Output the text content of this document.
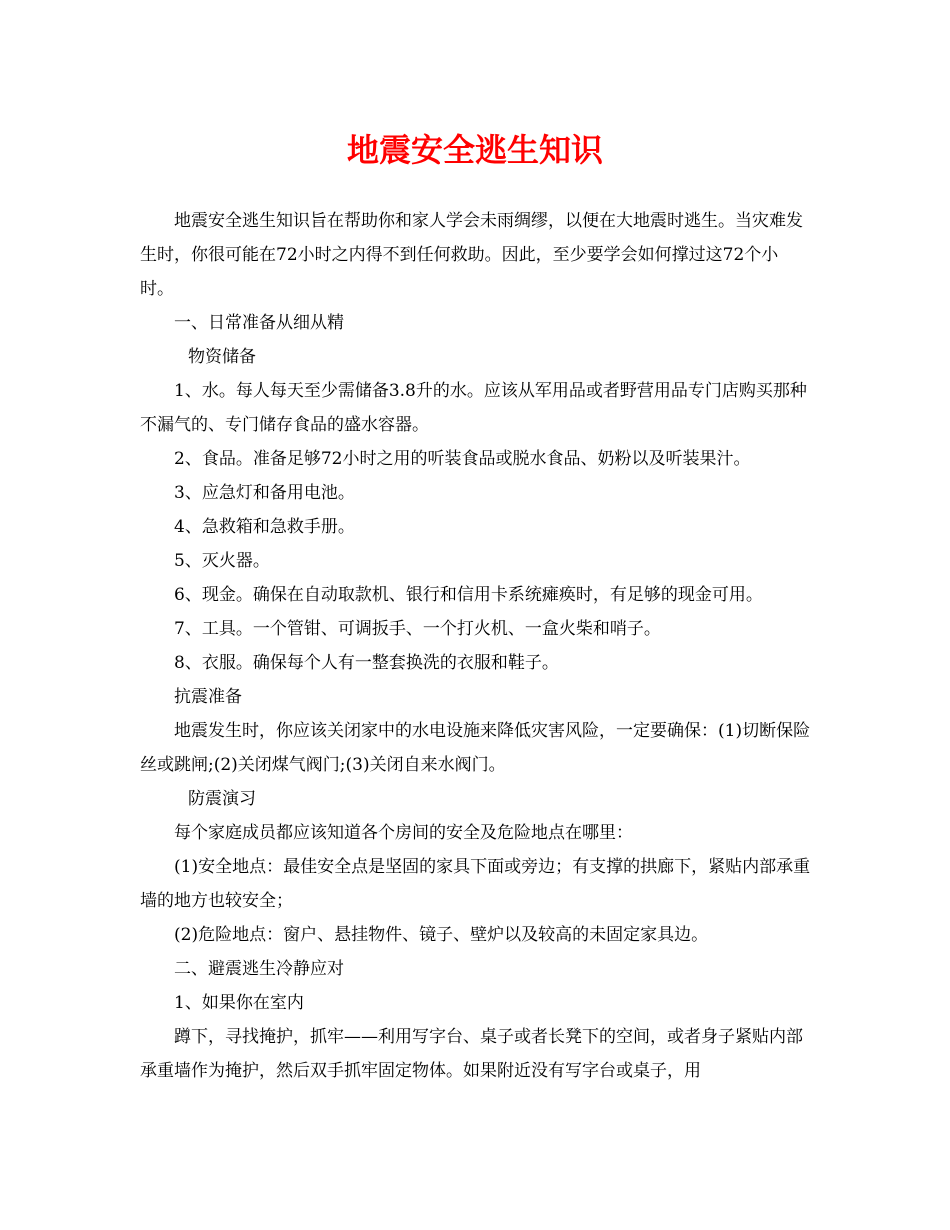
地震安全逃生知识

地震安全逃生知识旨在帮助你和家人学会未雨绸缪，以便在大地震时逃生。当灾难发生时，你很可能在72小时之内得不到任何救助。因此，至少要学会如何撑过这72个小时。

一、日常准备从细从精

物资储备

1、水。每人每天至少需储备3.8升的水。应该从军用品或者野营用品专门店购买那种不漏气的、专门储存食品的盛水容器。

2、食品。准备足够72小时之用的听装食品或脱水食品、奶粉以及听装果汁。

3、应急灯和备用电池。

4、急救箱和急救手册。

5、灭火器。

6、现金。确保在自动取款机、银行和信用卡系统瘫痪时，有足够的现金可用。

7、工具。一个管钳、可调扳手、一个打火机、一盒火柴和哨子。

8、衣服。确保每个人有一整套换洗的衣服和鞋子。

抗震准备

地震发生时，你应该关闭家中的水电设施来降低灾害风险，一定要确保：(1)切断保险丝或跳闸;(2)关闭煤气阀门;(3)关闭自来水阀门。

防震演习

每个家庭成员都应该知道各个房间的安全及危险地点在哪里：

(1)安全地点：最佳安全点是坚固的家具下面或旁边；有支撑的拱廊下，紧贴内部承重墙的地方也较安全；

(2)危险地点：窗户、悬挂物件、镜子、壁炉以及较高的未固定家具边。

二、避震逃生冷静应对

1、如果你在室内

蹲下，寻找掩护，抓牢——利用写字台、桌子或者长凳下的空间，或者身子紧贴内部承重墙作为掩护，然后双手抓牢固定物体。如果附近没有写字台或桌子，用
